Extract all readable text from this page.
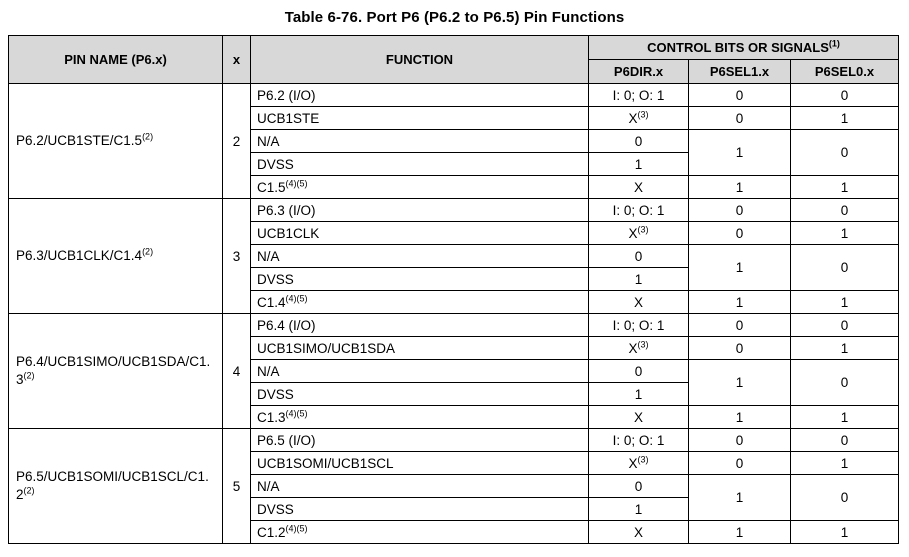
Table 6-76. Port P6 (P6.2 to P6.5) Pin Functions
PIN NAME (P6.x)	x	FUNCTION	CONTROL BITS OR SIGNALS$^{(1)}$
			P6DIR.x	P6SEL1.x	P6SEL0.x
P6.2/UCB1STE/C1.5$^{(2)}$	2	P6.2 (I/O)	I: 0; O: 1	0	0
		UCB1STE	$X^{(3)}$	0	1
		N/A	0	1	0
		DVSS	1		
		$C1.5^{(4)(5)}$	X	1	1
P6.3/UCB1CLK/C1.4$^{(2)}$	3	P6.3 (I/O)	I: 0; O: 1	0	0
		UCB1CLK	$X^{(3)}$	0	1
		N/A	0	1	0
		DVSS	1		
		$C1.4^{(4)(5)}$	X	1	1
P6.4/UCB1SIMO/UCB1SDA/C1.3$^{(2)}$	4	P6.4 (I/O)	I: 0; O: 1	0	0
		UCB1SIMO/UCB1SDA	$X^{(3)}$	0	1
		N/A	0	1	0
		DVSS	1		
		$C1.3^{(4)(5)}$	X	1	1
P6.5/UCB1SOMI/UCB1SCL/C1.2$^{(2)}$	5	P6.5 (I/O)	I: 0; O: 1	0	0
		UCB1SOMI/UCB1SCL	$X^{(3)}$	0	1
		N/A	0	1	0
		DVSS	1		
		$C1.2^{(4)(5)}$	X	1	1
